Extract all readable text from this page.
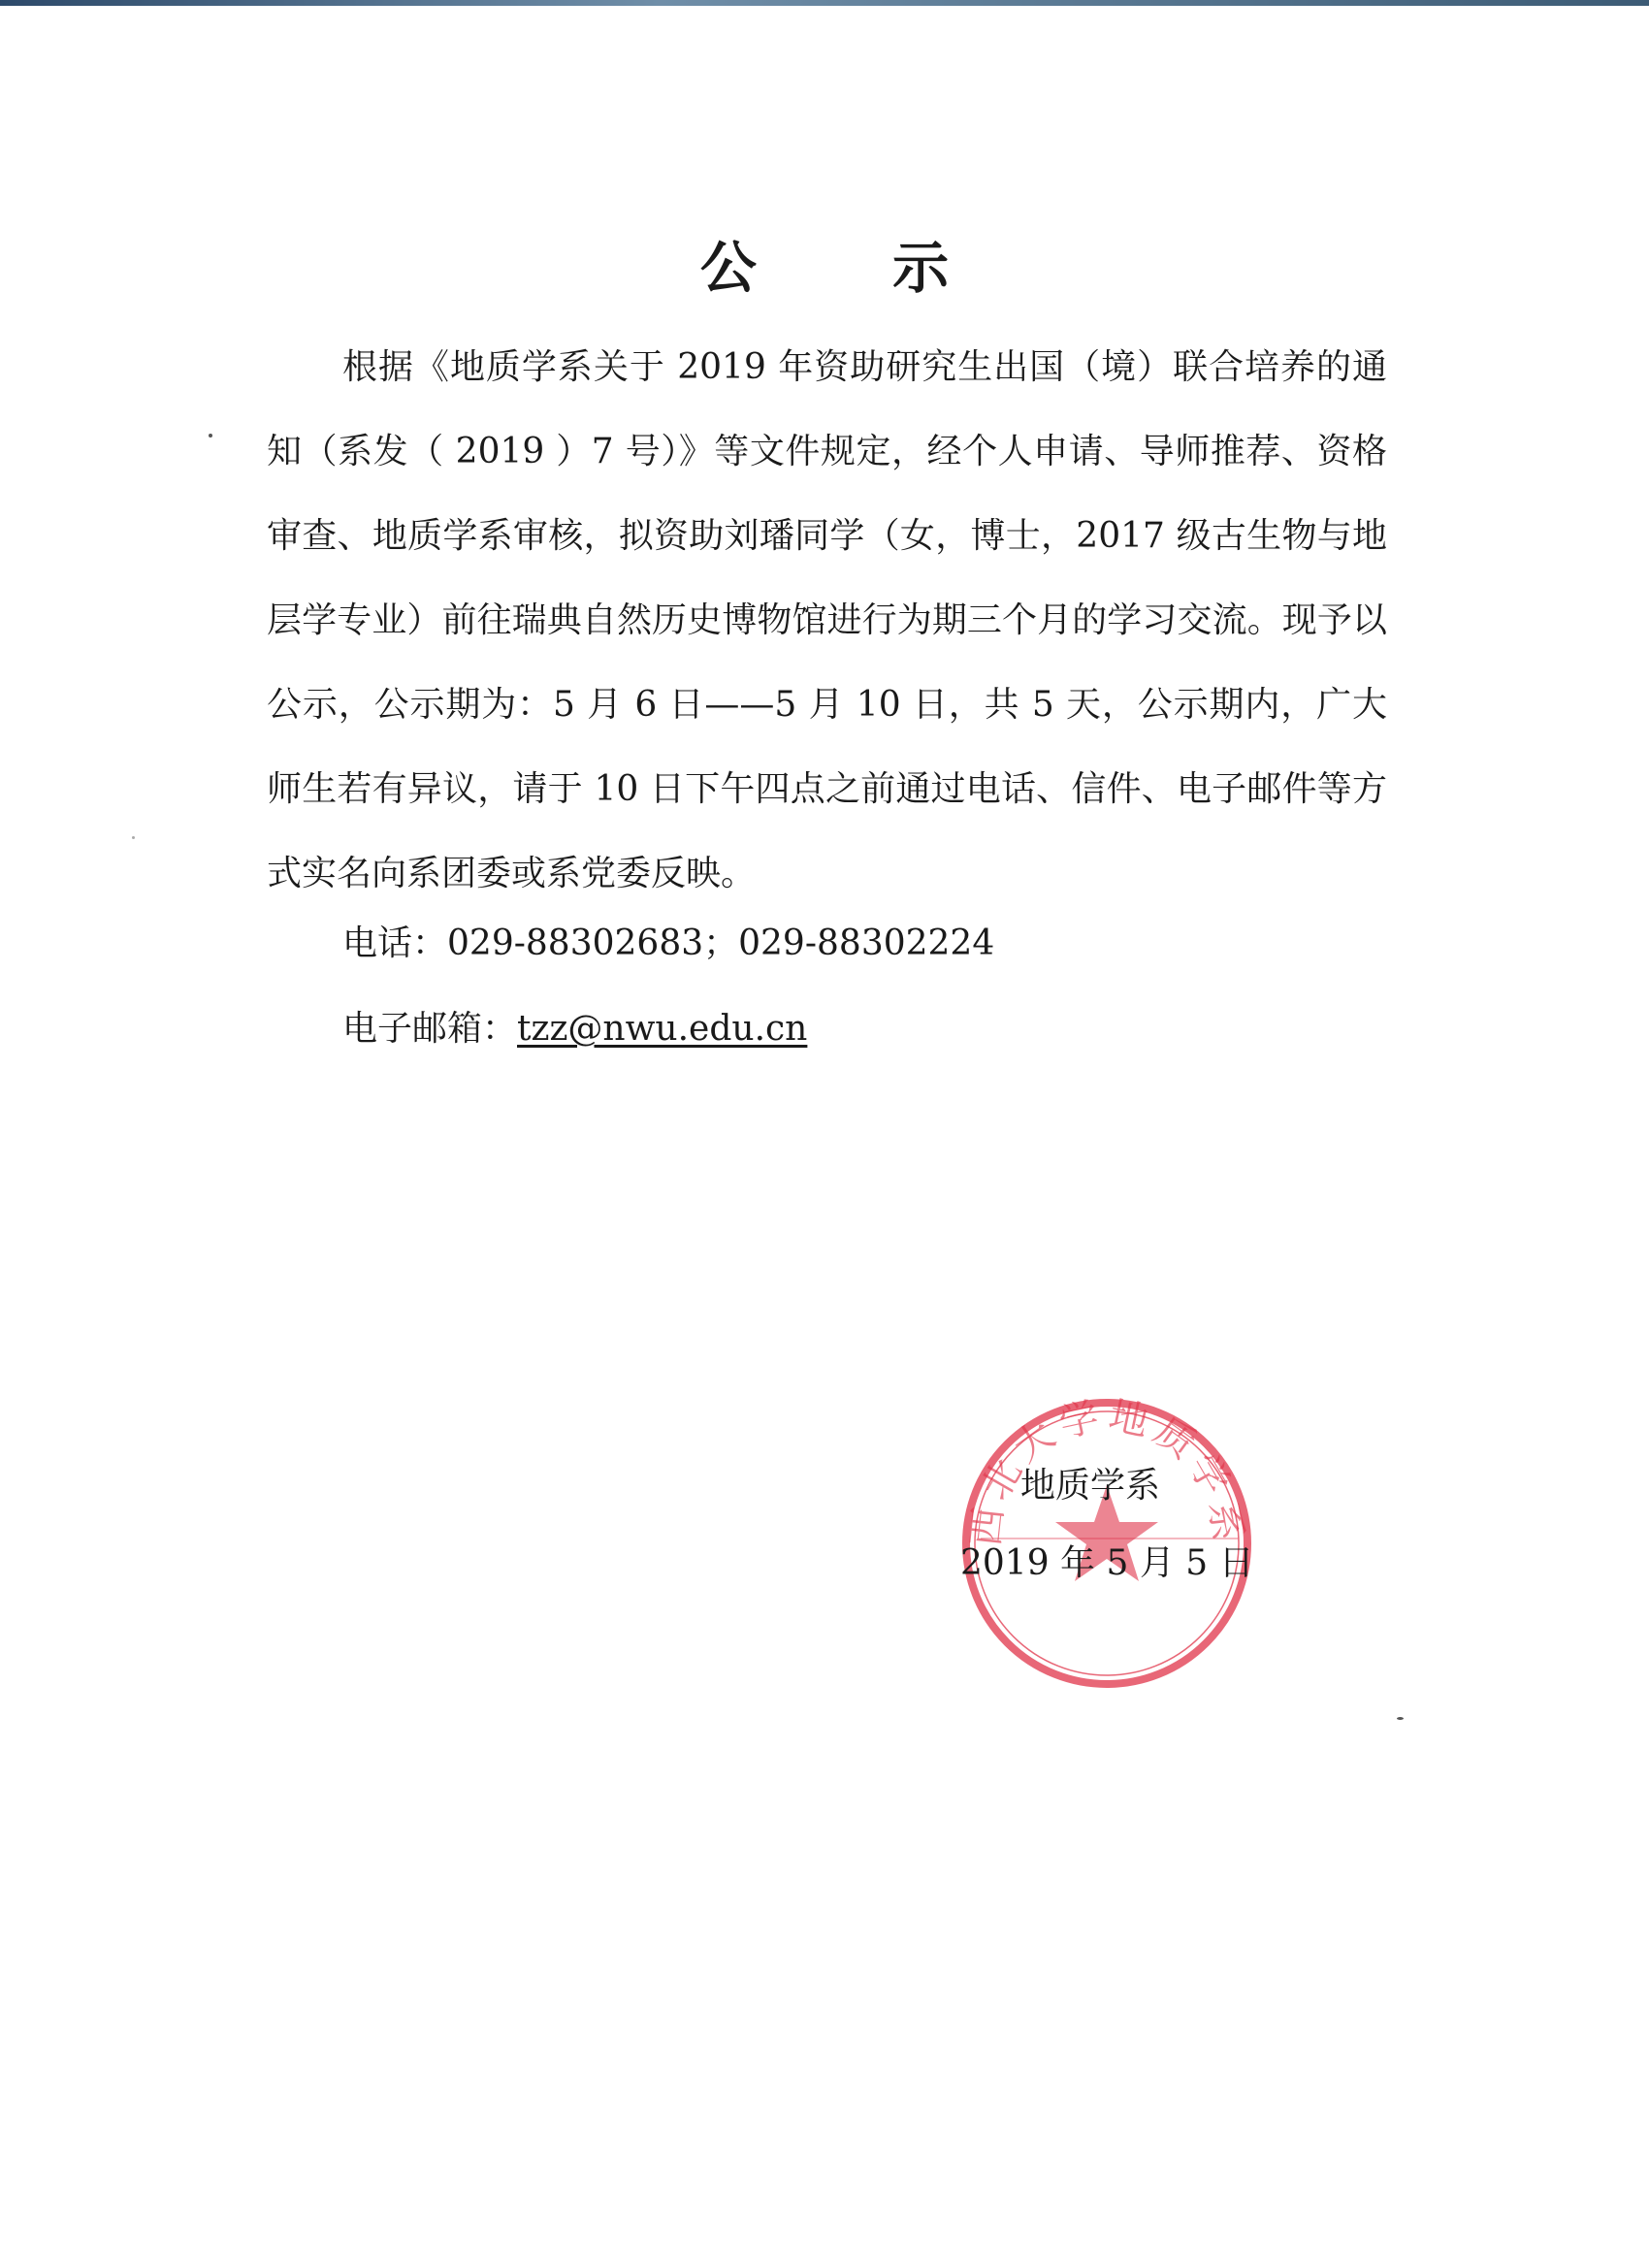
公 示

根据《地质学系关于 2019 年资助研究生出国（境）联合培养的通知（系发（ 2019 ）7 号）》等文件规定，经个人申请、导师推荐、资格审查、地质学系审核，拟资助刘璠同学（女，博士，2017 级古生物与地层学专业）前往瑞典自然历史博物馆进行为期三个月的学习交流。现予以公示，公示期为：5 月 6 日——5 月 10 日，共 5 天，公示期内，广大师生若有异议，请于 10 日下午四点之前通过电话、信件、电子邮件等方式实名向系团委或系党委反映。

电话：029-88302683；029-88302224

电子邮箱：tzz@nwu.edu.cn

西北大学地质学系

地质学系

2019 年 5 月 5 日
